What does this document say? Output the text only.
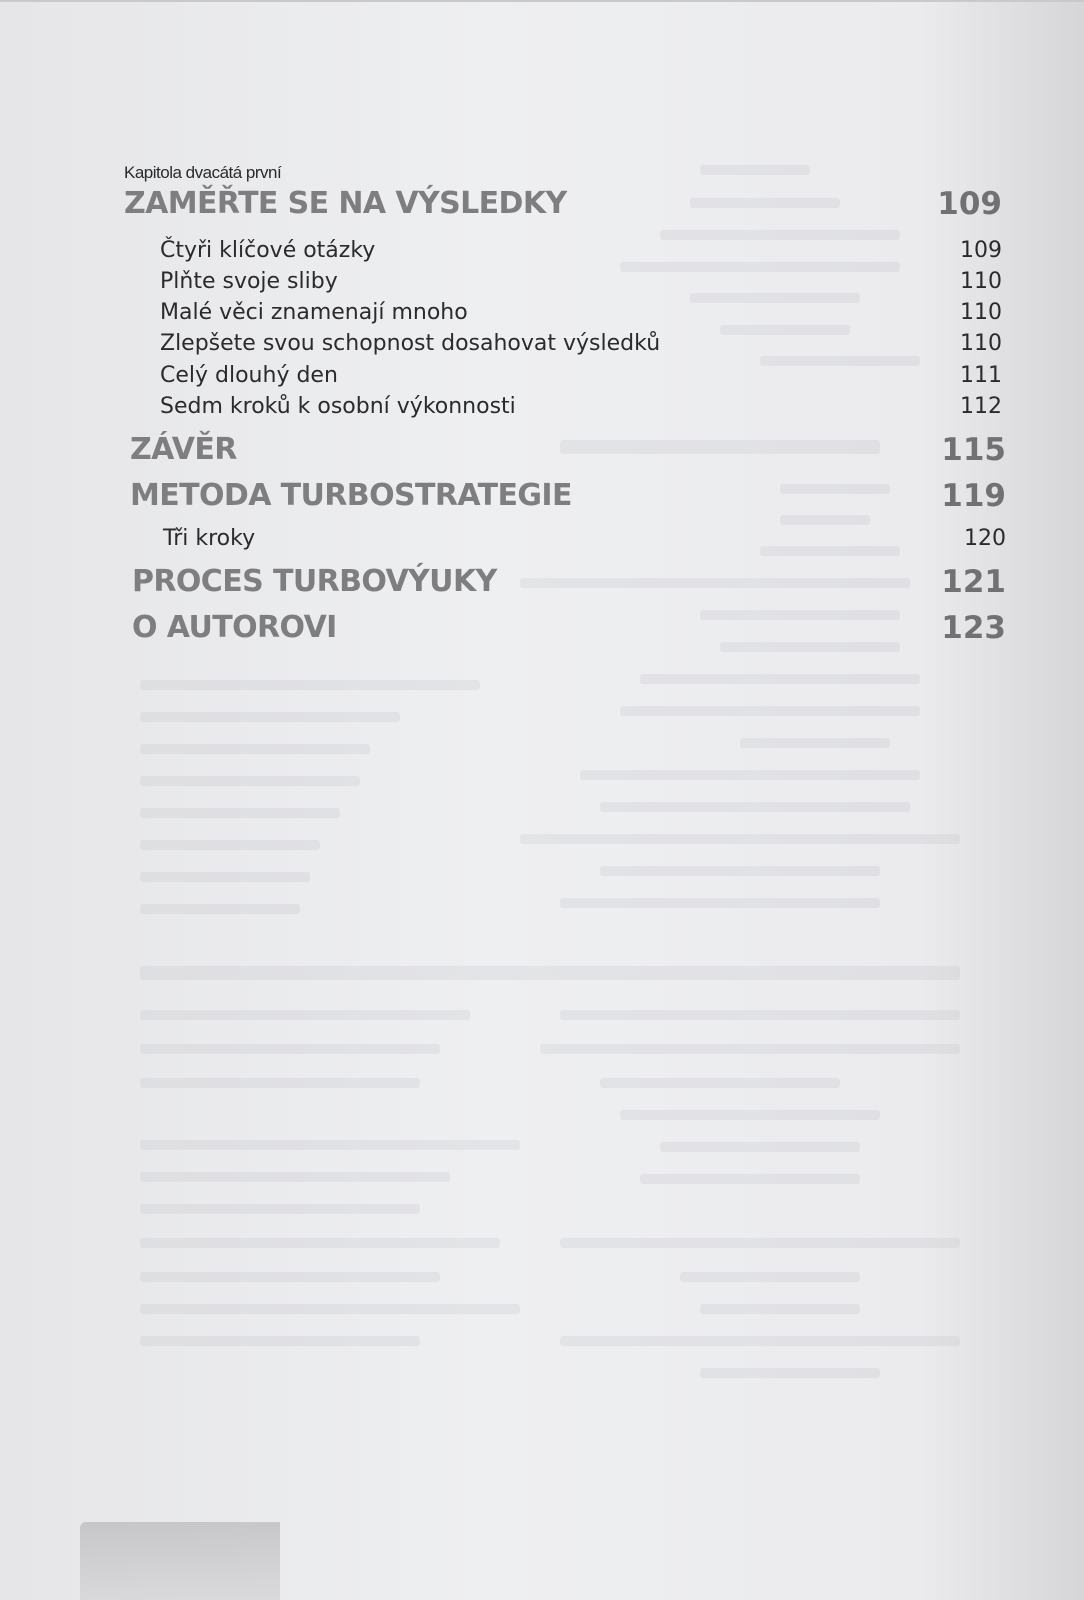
Kapitola dvacátá první
ZAMĚŘTE SE NA VÝSLEDKY	109
Čtyři klíčové otázky	109
Plňte svoje sliby	110
Malé věci znamenají mnoho	110
Zlepšete svou schopnost dosahovat výsledků	110
Celý dlouhý den	111
Sedm kroků k osobní výkonnosti	112
ZÁVĚR	115
METODA TURBOSTRATEGIE	119
Tři kroky	120
PROCES TURBOVÝUKY	121
O AUTOROVI	123
